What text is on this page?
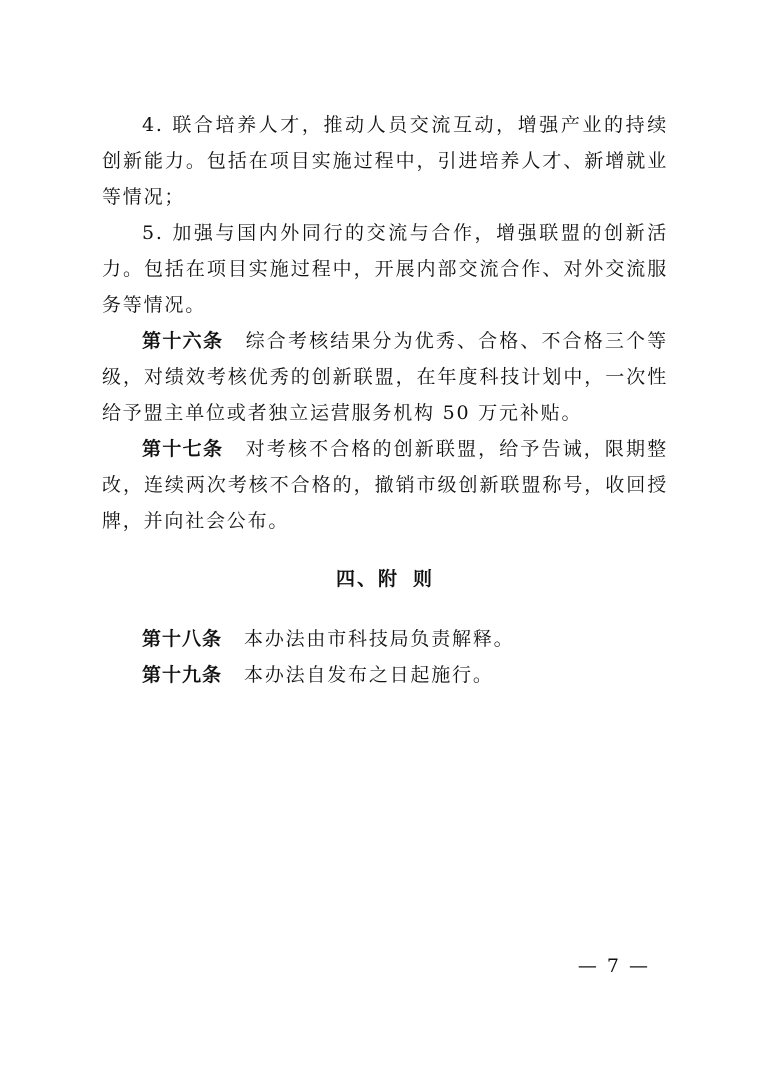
4. 联合培养人才，推动人员交流互动，增强产业的持续创新能力。包括在项目实施过程中，引进培养人才、新增就业等情况；

5. 加强与国内外同行的交流与合作，增强联盟的创新活力。包括在项目实施过程中，开展内部交流合作、对外交流服务等情况。

第十六条 综合考核结果分为优秀、合格、不合格三个等级，对绩效考核优秀的创新联盟，在年度科技计划中，一次性给予盟主单位或者独立运营服务机构 50 万元补贴。

第十七条 对考核不合格的创新联盟，给予告诫，限期整改，连续两次考核不合格的，撤销市级创新联盟称号，收回授牌，并向社会公布。

四、附 则

第十八条 本办法由市科技局负责解释。

第十九条 本办法自发布之日起施行。

— 7 —
